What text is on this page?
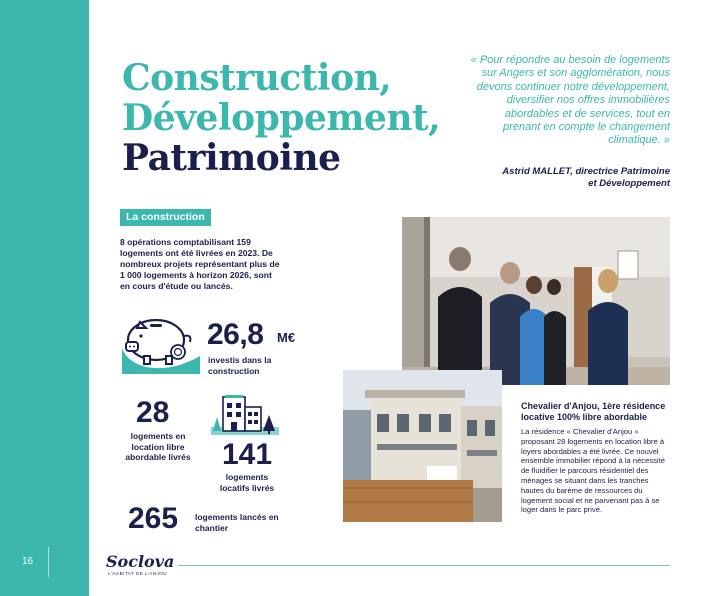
16
Construction,
Développement,
Patrimoine

« Pour répondre au besoin de logements sur Angers et son agglomération, nous devons continuer notre développement, diversifier nos offres immobilières abordables et de services, tout en prenant en compte le changement climatique. »

Astrid MALLET, directrice Patrimoine
et Développement
La construction

8 opérations comptabilisant 159 logements ont été livrées en 2023. De nombreux projets représentant plus de 1 000 logements à horizon 2026, sont en cours d'étude ou lancés.

26,8 M€
investis dans la construction
28
logements en location libre abordable livrés 141
logements locatifs livrés
265 logements lancés en chantier
Chevalier d'Anjou, 1ère résidence locative 100% libre abordable

La résidence « Chevalier d'Anjou » proposant 28 logements en location libre à loyers abordables a été livrée. Ce nouvel ensemble immobilier répond à la nécessité de fluidifier le parcours résidentiel des ménages se situant dans les tranches hautes du barème de ressources du logement social et ne parvenant pas à se loger dans le parc privé.

Soclova
L'HABITAT DE L'ANJOU
